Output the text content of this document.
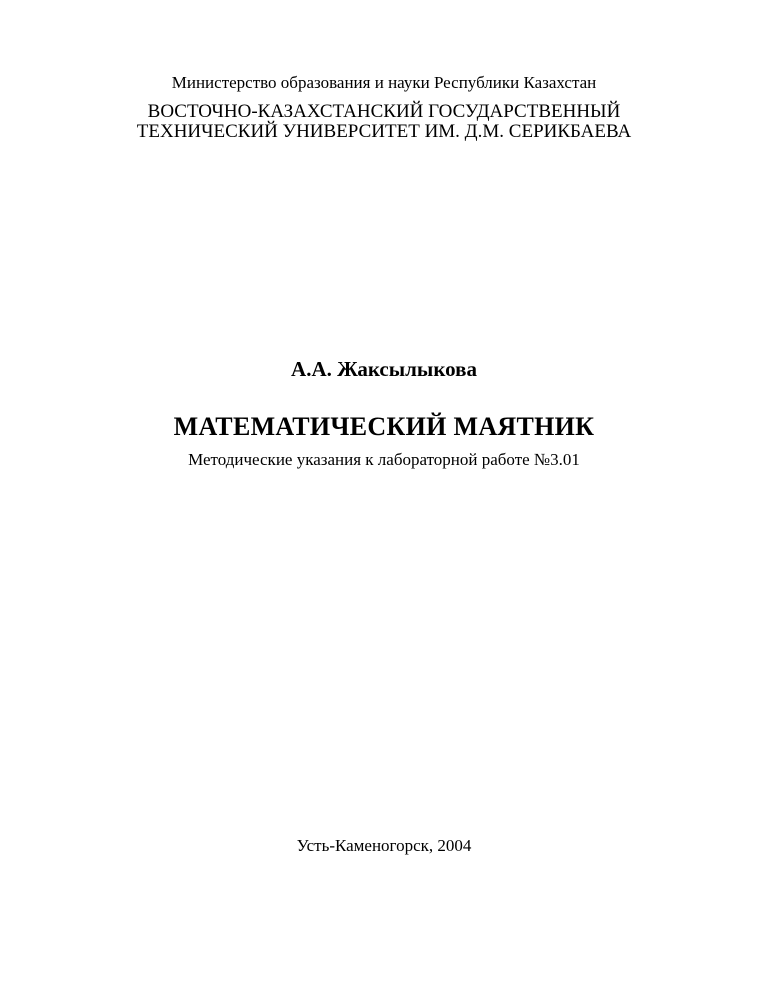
Министерство образования и науки Республики Казахстан
ВОСТОЧНО-КАЗАХСТАНСКИЙ ГОСУДАРСТВЕННЫЙ
ТЕХНИЧЕСКИЙ УНИВЕРСИТЕТ ИМ. Д.М. СЕРИКБАЕВА
А.А. Жаксылыкова
МАТЕМАТИЧЕСКИЙ МАЯТНИК
Методические указания к лабораторной работе №3.01
Усть-Каменогорск, 2004
